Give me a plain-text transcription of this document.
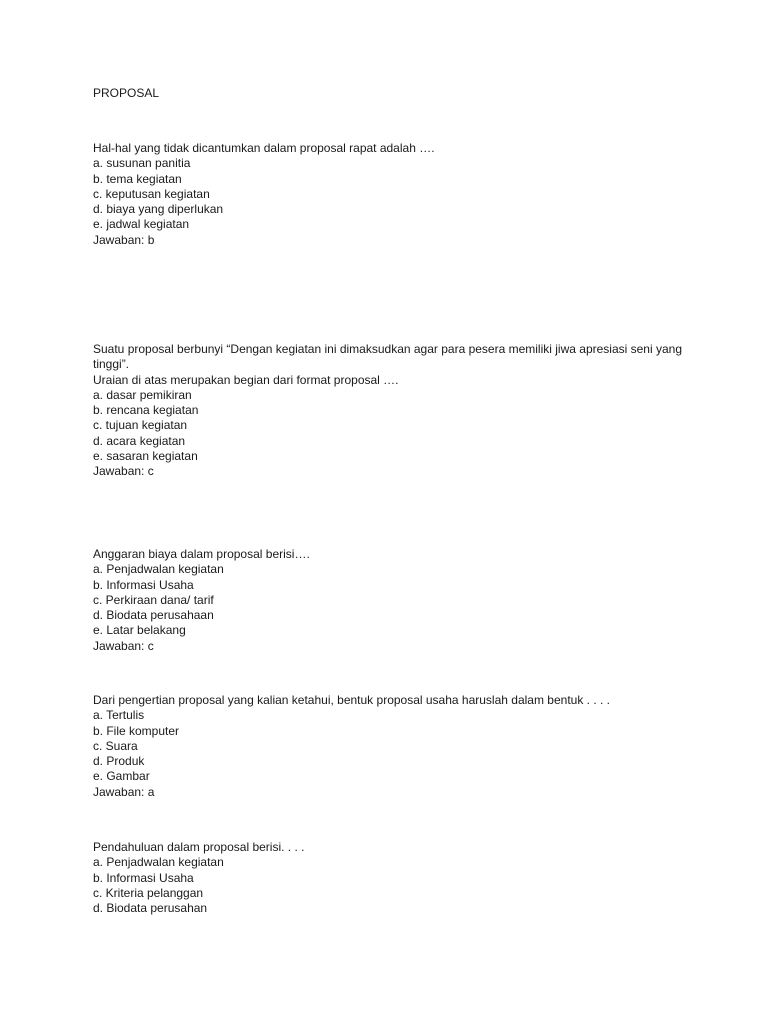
PROPOSAL
Hal-hal yang tidak dicantumkan dalam proposal rapat adalah ….
a. susunan panitia
b. tema kegiatan
c. keputusan kegiatan
d. biaya yang diperlukan
e. jadwal kegiatan
Jawaban: b
Suatu proposal berbunyi “Dengan kegiatan ini dimaksudkan agar para pesera memiliki jiwa apresiasi seni yang tinggi”.
Uraian di atas merupakan begian dari format proposal ….
a. dasar pemikiran
b. rencana kegiatan
c. tujuan kegiatan
d. acara kegiatan
e. sasaran kegiatan
Jawaban: c
Anggaran biaya dalam proposal berisi….
a. Penjadwalan kegiatan
b. Informasi Usaha
c. Perkiraan dana/ tarif
d. Biodata perusahaan
e. Latar belakang
Jawaban: c
Dari pengertian proposal yang kalian ketahui, bentuk proposal usaha haruslah dalam bentuk . . . .
a. Tertulis
b. File komputer
c. Suara
d. Produk
e. Gambar
Jawaban: a
Pendahuluan dalam proposal berisi. . . .
a. Penjadwalan kegiatan
b. Informasi Usaha
c. Kriteria pelanggan
d. Biodata perusahan
